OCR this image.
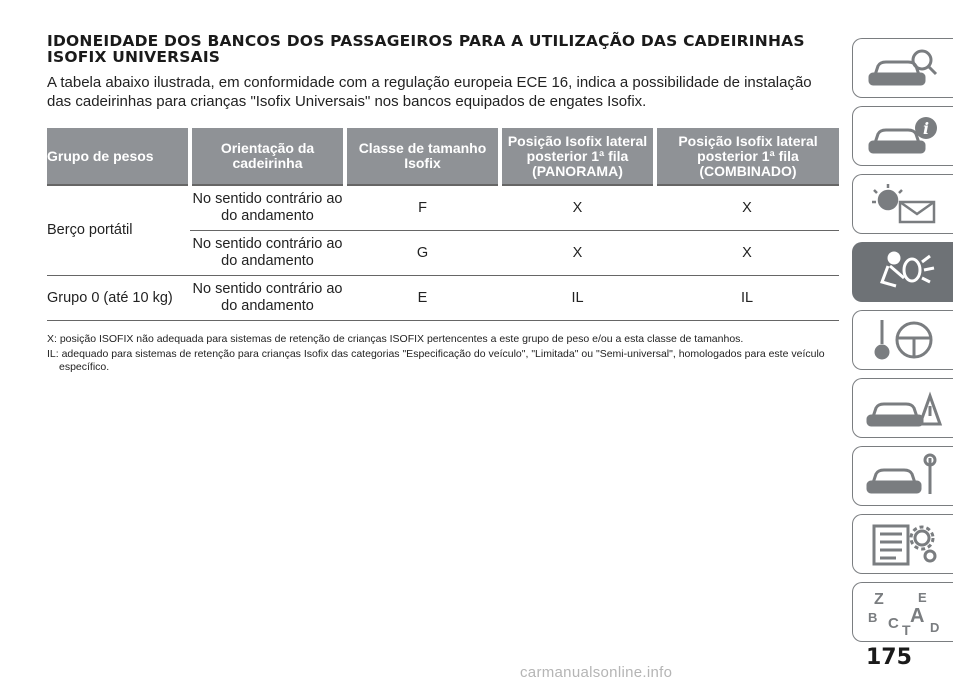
IDONEIDADE DOS BANCOS DOS PASSAGEIROS PARA A UTILIZAÇÃO DAS CADEIRINHAS ISOFIX UNIVERSAIS
A tabela abaixo ilustrada, em conformidade com a regulação europeia ECE 16, indica a possibilidade de instalação das cadeirinhas para crianças "Isofix Universais" nos bancos equipados de engates Isofix.
Grupo de pesos	Orientação da cadeirinha	Classe de tamanho Isofix	Posição Isofix lateral posterior 1ª fila (PANORAMA)	Posição Isofix lateral posterior 1ª fila (COMBINADO)
Berço portátil	No sentido contrário ao do andamento	F	X	X
	No sentido contrário ao do andamento	G	X	X
Grupo 0 (até 10 kg)	No sentido contrário ao do andamento	E	IL	IL

X: posição ISOFIX não adequada para sistemas de retenção de crianças ISOFIX pertencentes a este grupo de peso e/ou a esta classe de tamanhos.

IL: adequado para sistemas de retenção para crianças Isofix das categorias "Especificação do veículo", "Limitada" ou "Semi-universal", homologados para este veículo específico.

i
Z	E
B A
C D
T
175
carmanualsonline.info
